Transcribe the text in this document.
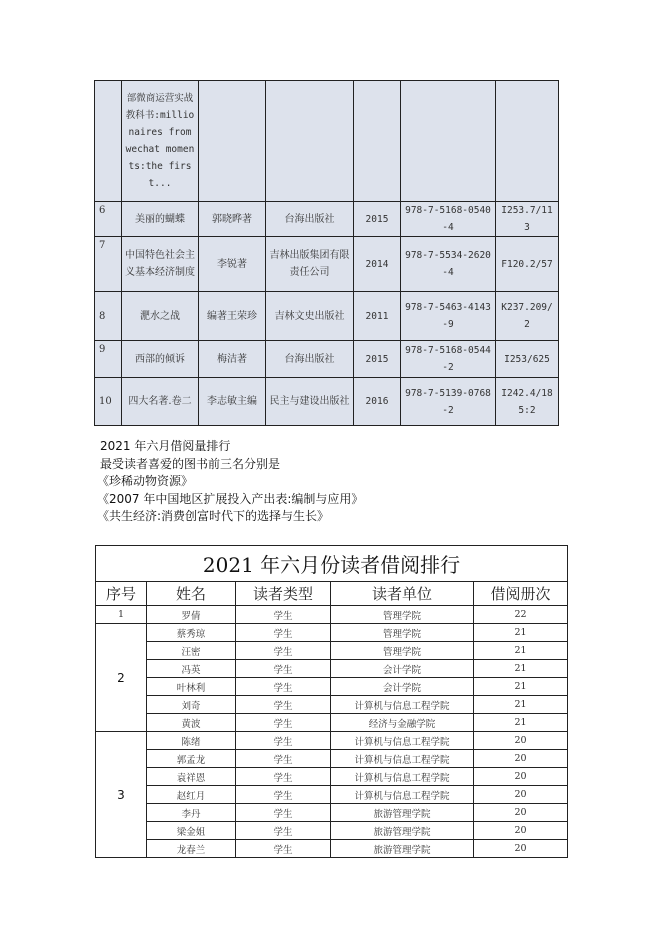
	部微商运营实战教科书:millionaires from wechat moments:the first...					
6	美丽的蝴蝶	郭晓晔著	台海出版社	2015	978-7-5168-0540-4	I253.7/113
7	中国特色社会主义基本经济制度	李锐著	吉林出版集团有限责任公司	2014	978-7-5534-2620-4	F120.2/57
8	淝水之战	编著王荣珍	吉林文史出版社	2011	978-7-5463-4143-9	K237.209/2
9	西部的倾诉	梅洁著	台海出版社	2015	978-7-5168-0544-2	I253/625
10	四大名著.卷二	李志敏主编	民主与建设出版社	2016	978-7-5139-0768-2	I242.4/185:2
2021 年六月借阅量排行
最受读者喜爱的图书前三名分别是
《珍稀动物资源》
《2007 年中国地区扩展投入产出表:编制与应用》
《共生经济:消费创富时代下的选择与生长》
2021 年六月份读者借阅排行				
序号	姓名	读者类型	读者单位	借阅册次
1	罗倩	学生	管理学院	22
2	蔡秀琼	学生	管理学院	21
	汪密	学生	管理学院	21
	冯英	学生	会计学院	21
	叶林利	学生	会计学院	21
	刘奇	学生	计算机与信息工程学院	21
	黄波	学生	经济与金融学院	21
3	陈绪	学生	计算机与信息工程学院	20
	郭孟龙	学生	计算机与信息工程学院	20
	袁祥恩	学生	计算机与信息工程学院	20
	赵红月	学生	计算机与信息工程学院	20
	李丹	学生	旅游管理学院	20
	梁金姐	学生	旅游管理学院	20
	龙春兰	学生	旅游管理学院	20
